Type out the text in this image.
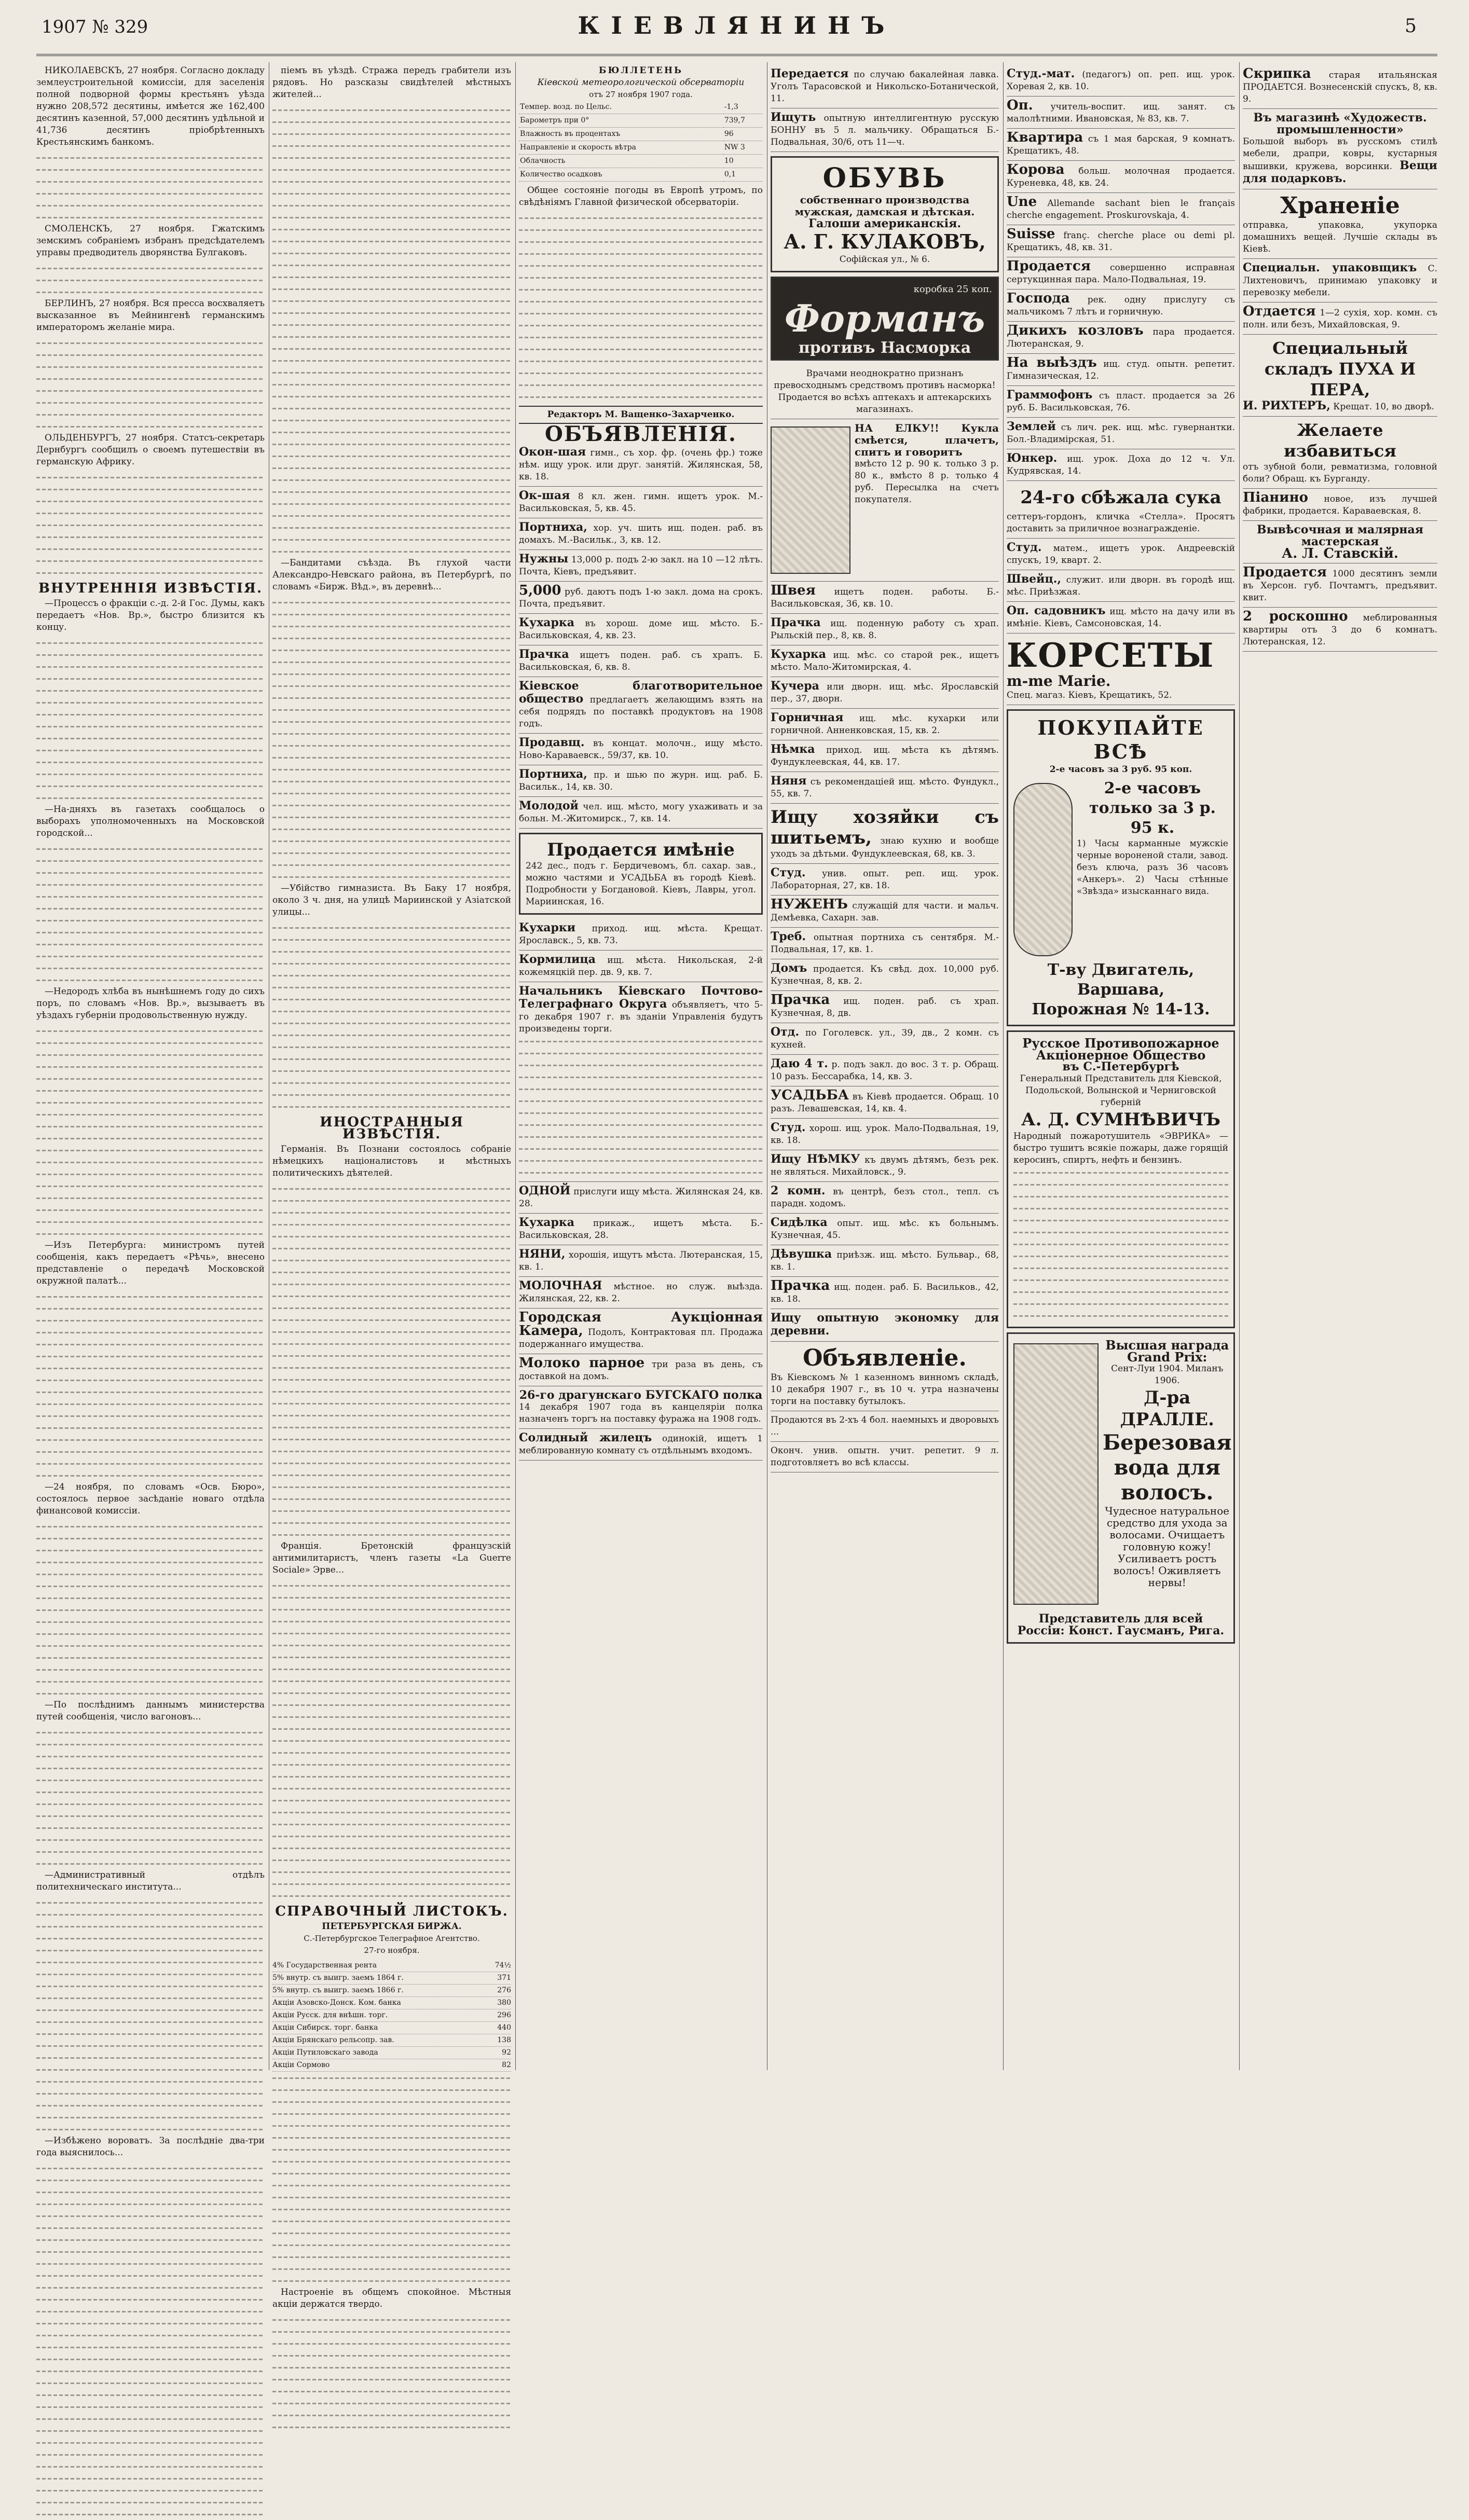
1907 № 329	КІЕВЛЯНИНЪ	5

НИКОЛАЕВСКЪ, 27 ноября. Согласно докладу землеустроительной комиссіи, для заселенія полной подворной формы крестьянъ уѣзда нужно 208,572 десятины, имѣется же 162,400 десятинъ казенной, 57,000 десятинъ удѣльной и 41,736 десятинъ пріобрѣтенныхъ Крестьянскимъ банкомъ.

СМОЛЕНСКЪ, 27 ноября. Гжатскимъ земскимъ собраніемъ избранъ предсѣдателемъ управы предводитель дворянства Булгаковъ.

БЕРЛИНЪ, 27 ноября. Вся пресса восхваляетъ высказанное въ Мейнингенѣ германскимъ императоромъ желаніе мира.

ОЛЬДЕНБУРГЪ, 27 ноября. Статсъ-секретарь Дернбургъ сообщилъ о своемъ путешествіи въ германскую Африку.

ВНУТРЕННІЯ ИЗВѢСТІЯ.

—Процессъ о фракціи с.-д. 2-й Гос. Думы, какъ передаетъ «Нов. Вр.», быстро близится къ концу.

—На-дняхъ въ газетахъ сообщалось о выборахъ уполномоченныхъ на Московской городской...

—Недородъ хлѣба въ нынѣшнемъ году до сихъ поръ, по словамъ «Нов. Вр.», вызываетъ въ уѣздахъ губерніи продовольственную нужду.

—Изъ Петербурга: министромъ путей сообщенія, какъ передаетъ «Рѣчь», внесено представленіе о передачѣ Московской окружной палатѣ...

—24 ноября, по словамъ «Осв. Бюро», состоялось первое засѣданіе новаго отдѣла финансовой комиссіи.

—По послѣднимъ даннымъ министерства путей сообщенія, число вагоновъ...

—Административный отдѣлъ политехническаго института...

—Избѣжено вороватъ. За послѣдніе два-три года выяснилось...

піемъ въ уѣздѣ. Стража передъ грабители изъ рядовъ. Но разсказы свидѣтелей мѣстныхъ жителей...

—Бандитами съѣзда. Въ глухой части Александро-Невскаго района, въ Петербургѣ, по словамъ «Бирж. Вѣд.», въ деревнѣ...

—Убійство гимназиста. Въ Баку 17 ноября, около 3 ч. дня, на улицѣ Мариинской у Азіатской улицы...

ИНОСТРАННЫЯ ИЗВѢСТІЯ.

Германія. Въ Познани состоялось собраніе нѣмецкихъ націоналистовъ и мѣстныхъ политическихъ дѣятелей.

Франція. Бретонскій французскій антимилитаристъ, членъ газеты «La Guerre Sociale» Эрве...

СПРАВОЧНЫЙ ЛИСТОКЪ.
ПЕТЕРБУРГСКАЯ БИРЖА.
С.-Петербургское Телеграфное Агентство.
27-го ноября.
4% Государственная рента	74½
5% внутр. съ выигр. заемъ 1864 г.	371
5% внутр. съ выигр. заемъ 1866 г.	276
Акціи Азовско-Донск. Ком. банка	380
Акціи Русск. для внѣшн. торг.	296
Акціи Сибирск. торг. банка	440
Акціи Брянскаго рельсопр. зав.	138
Акціи Путиловскаго завода	92
Акціи Сормово	82

Настроеніе въ общемъ спокойное. Мѣстныя акціи держатся твердо.

БЮЛЛЕТЕНЬ
Кіевской метеорологической обсерваторіи
отъ 27 ноября 1907 года.
Темпер. возд. по Цельс.	-1,3
Барометръ при 0°	739,7
Влажность въ процентахъ	96
Направленіе и скорость вѣтра	NW 3
Облачность	10
Количество осадковъ	0,1

Общее состояніе погоды въ Европѣ утромъ, по свѣдѣніямъ Главной физической обсерваторіи.

Редакторъ М. Ващенко-Захарченко.
ОБЪЯВЛЕНІЯ.
Окон-шая гимн., съ хор. фр. (очень фр.) тоже нѣм. ищу урок. или друг. занятій. Жилянская, 58, кв. 18.
Ок-шая 8 кл. жен. гимн. ищетъ урок. М.-Васильковская, 5, кв. 45.
Портниха, хор. уч. шить ищ. поден. раб. въ домахъ. М.-Васильк., 3, кв. 12.
Нужны 13,000 р. подъ 2-ю закл. на 10 —12 лѣтъ. Почта, Кіевъ, предъявит.
5,000 руб. даютъ подъ 1-ю закл. дома на срокъ. Почта, предъявит.
Кухарка въ хорош. доме ищ. мѣсто. Б.-Васильковская, 4, кв. 23.
Прачка ищетъ поден. раб. съ храпъ. Б. Васильковская, 6, кв. 8.
Кіевское благотворительное общество предлагаетъ желающимъ взять на себя подрядъ по поставкѣ продуктовъ на 1908 годъ.
Продавщ. въ концат. молочн., ищу мѣсто. Ново-Караваевск., 59/37, кв. 10.
Портниха, пр. и шью по журн. ищ. раб. Б. Васильк., 14, кв. 30.
Молодой чел. ищ. мѣсто, могу ухаживать и за больн. М.-Житомирск., 7, кв. 14.
Продается имѣніе
242 дес., подъ г. Бердичевомъ, бл. сахар. зав., можно частями и УСАДЬБА въ городѣ Кіевѣ. Подробности у Богдановой. Кіевъ, Лавры, угол. Мариинская, 16.
Кухарки приход. ищ. мѣста. Крещат. Ярославск., 5, кв. 73.
Кормилица ищ. мѣста. Никольская, 2-й кожемяцкій пер. дв. 9, кв. 7.
Начальникъ Кіевскаго Почтово-Телеграфнаго Округа объявляетъ, что 5-го декабря 1907 г. въ зданіи Управленія будутъ произведены торги.
ОДНОЙ прислуги ищу мѣста. Жилянская 24, кв. 28.
Кухарка прикаж., ищетъ мѣста. Б.-Васильковская, 28.
НЯНИ, хорошія, ищутъ мѣста. Лютеранская, 15, кв. 1.
МОЛОЧНАЯ мѣстное. но служ. выѣзда. Жилянская, 22, кв. 2.
Городская Аукціонная Камера, Подолъ, Контрактовая пл. Продажа подержаннаго имущества.
Молоко парное три раза въ день, съ доставкой на домъ.
26-го драгунскаго БУГСКАГО полка
14 декабря 1907 года въ канцеляріи полка назначенъ торгъ на поставку фуража на 1908 годъ.
Солидный жилецъ одинокій, ищетъ 1 меблированную комнату съ отдѣльнымъ входомъ.
Передается по случаю бакалейная лавка. Уголъ Тарасовской и Никольско-Ботанической, 11.
Ищуть опытную интеллигентную русскую БОННУ въ 5 л. мальчику. Обращаться Б.-Подвальная, 30/6, отъ 11—ч.
ОБУВЬ
собственнаго производства мужская, дамская и дѣтская.
Галоши американскія.
А. Г. КУЛАКОВЪ,
Софійская ул., № 6.
коробка 25 коп.
Форманъ
противъ Насморка
Врачами неоднократно признанъ превосходнымъ средствомъ противъ насморка! Продается во всѣхъ аптекахъ и аптекарскихъ магазинахъ.
НА ЕЛКУ!! Кукла смѣется, плачетъ, спитъ и говоритъ
вмѣсто 12 р. 90 к. только 3 р. 80 к., вмѣсто 8 р. только 4 руб. Пересылка на счетъ покупателя.
Швея ищетъ поден. работы. Б.-Васильковская, 36, кв. 10.
Прачка ищ. поденную работу съ храп. Рыльскій пер., 8, кв. 8.
Кухарка ищ. мѣс. со старой рек., ищетъ мѣсто. Мало-Житомирская, 4.
Кучера или дворн. ищ. мѣс. Ярославскій пер., 37, дворн.
Горничная ищ. мѣс. кухарки или горничной. Анненковская, 15, кв. 2.
Нѣмка приход. ищ. мѣста къ дѣтямъ. Фундуклеевская, 44, кв. 17.
Няня съ рекомендаціей ищ. мѣсто. Фундукл., 55, кв. 7.
Ищу хозяйки съ шитьемъ, знаю кухню и вообще уходъ за дѣтьми. Фундуклеевская, 68, кв. 3.
Студ. унив. опыт. реп. ищ. урок. Лабораторная, 27, кв. 18.
НУЖЕНЪ служащій для части. и мальч. Демѣевка, Сахарн. зав.
Треб. опытная портниха съ сентября. М.-Подвальная, 17, кв. 1.
Домъ продается. Къ свѣд. дох. 10,000 руб. Кузнечная, 8, кв. 2.
Прачка ищ. поден. раб. съ храп. Кузнечная, 8, дв.
Отд. по Гоголевск. ул., 39, дв., 2 комн. съ кухней.
Даю 4 т. р. подъ закл. до вос. 3 т. р. Обращ. 10 разъ. Бессарабка, 14, кв. 3.
УСАДЬБА въ Кіевѣ продается. Обращ. 10 разъ. Левашевская, 14, кв. 4.
Студ. хорош. ищ. урок. Мало-Подвальная, 19, кв. 18.
Ищу НѢМКУ къ двумъ дѣтямъ, безъ рек. не являться. Михайловск., 9.
2 комн. въ центрѣ, безъ стол., тепл. съ парадн. ходомъ.
Сидѣлка опыт. ищ. мѣс. къ больнымъ. Кузнечная, 45.
Дѣвушка приѣзж. ищ. мѣсто. Бульвар., 68, кв. 1.
Прачка ищ. поден. раб. Б. Васильков., 42, кв. 18.
Ищу опытную экономку для деревни.
Объявленіе.
Въ Кіевскомъ № 1 казенномъ винномъ складѣ, 10 декабря 1907 г., въ 10 ч. утра назначены торги на поставку бутылокъ.
Продаются въ 2-хъ 4 бол. наемныхъ и дворовыхъ ...
Оконч. унив. опытн. учит. репетит. 9 л. подготовляетъ во всѣ классы.
Студ.-мат. (педагогъ) оп. реп. ищ. урок. Хоревая 2, кв. 10.
Оп. учитель-воспит. ищ. занят. съ малолѣтними. Ивановская, № 83, кв. 7.
Квартира съ 1 мая барская, 9 комнатъ. Крещатикъ, 48.
Корова больш. молочная продается. Куреневка, 48, кв. 24.
Une Allemande sachant bien le français cherche engagement. Proskurovskaja, 4.
Suisse franç. cherche place ou demi pl. Крещатикъ, 48, кв. 31.
Продается совершенно исправная сертукцинная пара. Мало-Подвальная, 19.
Господа рек. одну прислугу съ мальчикомъ 7 лѣтъ и горничную.
Дикихъ козловъ пара продается. Лютеранская, 9.
На выѣздъ ищ. студ. опытн. репетит. Гимназическая, 12.
Граммофонъ съ пласт. продается за 26 руб. Б. Васильковская, 76.
Землей съ лич. рек. ищ. мѣс. гувернантки. Бол.-Владимірская, 51.
Юнкер. ищ. урок. Доха до 12 ч. Ул. Кудрявская, 14.
24-го сбѣжала сука
сеттеръ-гордонъ, кличка «Стелла». Просятъ доставить за приличное вознагражденіе.
Студ. матем., ищетъ урок. Андреевскій спускъ, 19, кварт. 2.
Швейц., служит. или дворн. въ городѣ ищ. мѣс. Приѣзжая.
Оп. садовникъ ищ. мѣсто на дачу или въ имѣніе. Кіевъ, Самсоновская, 14.
КОРСЕТЫ m-me Marie.
Спец. магаз. Кіевъ, Крещатикъ, 52.
ПОКУПАЙТЕ ВСѢ
2-е часовъ за 3 руб. 95 коп.
2-е часовъ только за 3 р. 95 к.
1) Часы карманные мужскіе черные вороненой стали, завод. безъ ключа, разъ 36 часовъ «Анкеръ». 2) Часы стѣнные «Звѣзда» изысканнаго вида.
Т-ву Двигатель, Варшава,
Порожная № 14-13.
Русское Противопожарное Акціонерное Общество
въ С.-Петербургѣ
Генеральный Представитель для Кіевской, Подольской, Волынской и Черниговской губерній
А. Д. СУМНѢВИЧЪ
Народный пожаротушитель «ЭВРИКА» — быстро тушитъ всякіе пожары, даже горящій керосинъ, спиртъ, нефть и бензинъ.
Высшая награда Grand Prix:
Сент-Луи 1904. Миланъ 1906.
Д-ра ДРАЛЛЕ.
Березовая вода для волосъ.
Чудесное натуральное средство для ухода за волосами. Очищаетъ головную кожу! Усиливаетъ ростъ волосъ! Оживляетъ нервы!
Представитель для всей Россіи: Конст. Гаусманъ, Рига.
Скрипка старая итальянская ПРОДАЕТСЯ. Вознесенскій спускъ, 8, кв. 9.
Въ магазинѣ «Художеств. промышленности»
Большой выборъ въ русскомъ стилѣ мебели, драпри, ковры, кустарныя вышивки, кружева, ворсинки. Вещи для подарковъ.
Храненіе
отправка, упаковка, укупорка домашнихъ вещей. Лучшіе склады въ Кіевѣ.
Специальн. упаковщикъ С. Лихтеновичъ, принимаю упаковку и перевозку мебели.
Отдается 1—2 сухія, хор. комн. съ полн. или безъ, Михайловская, 9.
Специальный складъ ПУХА И ПЕРА,
И. РИХТЕРЪ, Крещат. 10, во дворѣ.
Желаете избавиться
отъ зубной боли, ревматизма, головной боли? Обращ. къ Бурганду.
Піанино новое, изъ лучшей фабрики, продается. Караваевская, 8.
Вывѣсочная и малярная мастерская
А. Л. Ставскій.
Продается 1000 десятинъ земли въ Херсон. губ. Почтамтъ, предъявит. квит.
2 роскошно меблированныя квартиры отъ 3 до 6 комнатъ. Лютеранская, 12.
